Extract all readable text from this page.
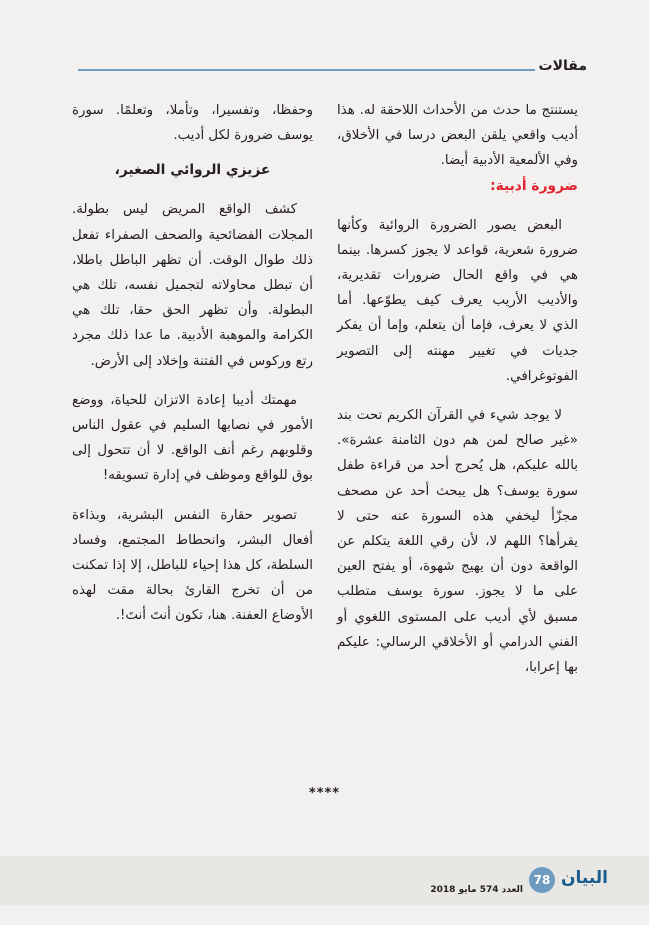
مقالات

يستنتج ما حدث من الأحداث اللاحقة له. هذا أديب واقعي يلقن البعض درسا في الأخلاق، وفي الألمعية الأدبية أيضا.

ضرورة أدبية:

البعض يصور الضرورة الروائية وكأنها ضرورة شعرية، قواعد لا يجوز كسرها. بينما هي في واقع الحال ضرورات تقديرية، والأديب الأريب يعرف كيف يطوّعها. أما الذي لا يعرف، فإما أن يتعلم، وإما أن يفكر جديات في تغيير مهنته إلى التصوير الفوتوغرافي.

لا يوجد شيء في القرآن الكريم تحت بند «غير صالح لمن هم دون الثامنة عشرة». بالله عليكم، هل يُحرج أحد من قراءة طفل سورة يوسف؟ هل يبحث أحد عن مصحف مجزّأ ليخفي هذه السورة عنه حتى لا يقرأها؟ اللهم لا، لأن رقي اللغة يتكلم عن الواقعة دون أن يهيج شهوة، أو يفتح العين على ما لا يجوز. سورة يوسف متطلب مسبق لأي أديب على المستوى اللغوي أو الفني الدرامي أو الأخلاقي الرسالي: عليكم بها إعرابا،

وحفظا، وتفسيرا، وتأملا، وتعلمًا. سورة يوسف ضرورة لكل أديب.

عزيزي الروائي الصغير،

كشف الواقع المريض ليس بطولة. المجلات الفضائحية والصحف الصفراء تفعل ذلك طوال الوقت. أن تظهر الباطل باطلا، أن تبطل محاولاته لتجميل نفسه، تلك هي البطولة. وأن تظهر الحق حقا، تلك هي الكرامة والموهبة الأدبية. ما عدا ذلك مجرد رتع وركوس في الفتنة وإخلاد إلى الأرض.

مهمتك أديبا إعادة الاتزان للحياة، ووضع الأمور في نصابها السليم في عقول الناس وقلوبهم رغم أنف الواقع. لا أن تتحول إلى بوق للواقع وموظف في إدارة تسويقه!

تصوير حقارة النفس البشرية، وبذاءة أفعال البشر، وانحطاط المجتمع، وفساد السلطة، كل هذا إحياء للباطل، إلا إذا تمكنت من أن تخرج القارئ بحالة مقت لهذه الأوضاع العفنة. هنا، تكون أنتَ أنتَ!.

****
البيان
78
العدد 574 مايو 2018
